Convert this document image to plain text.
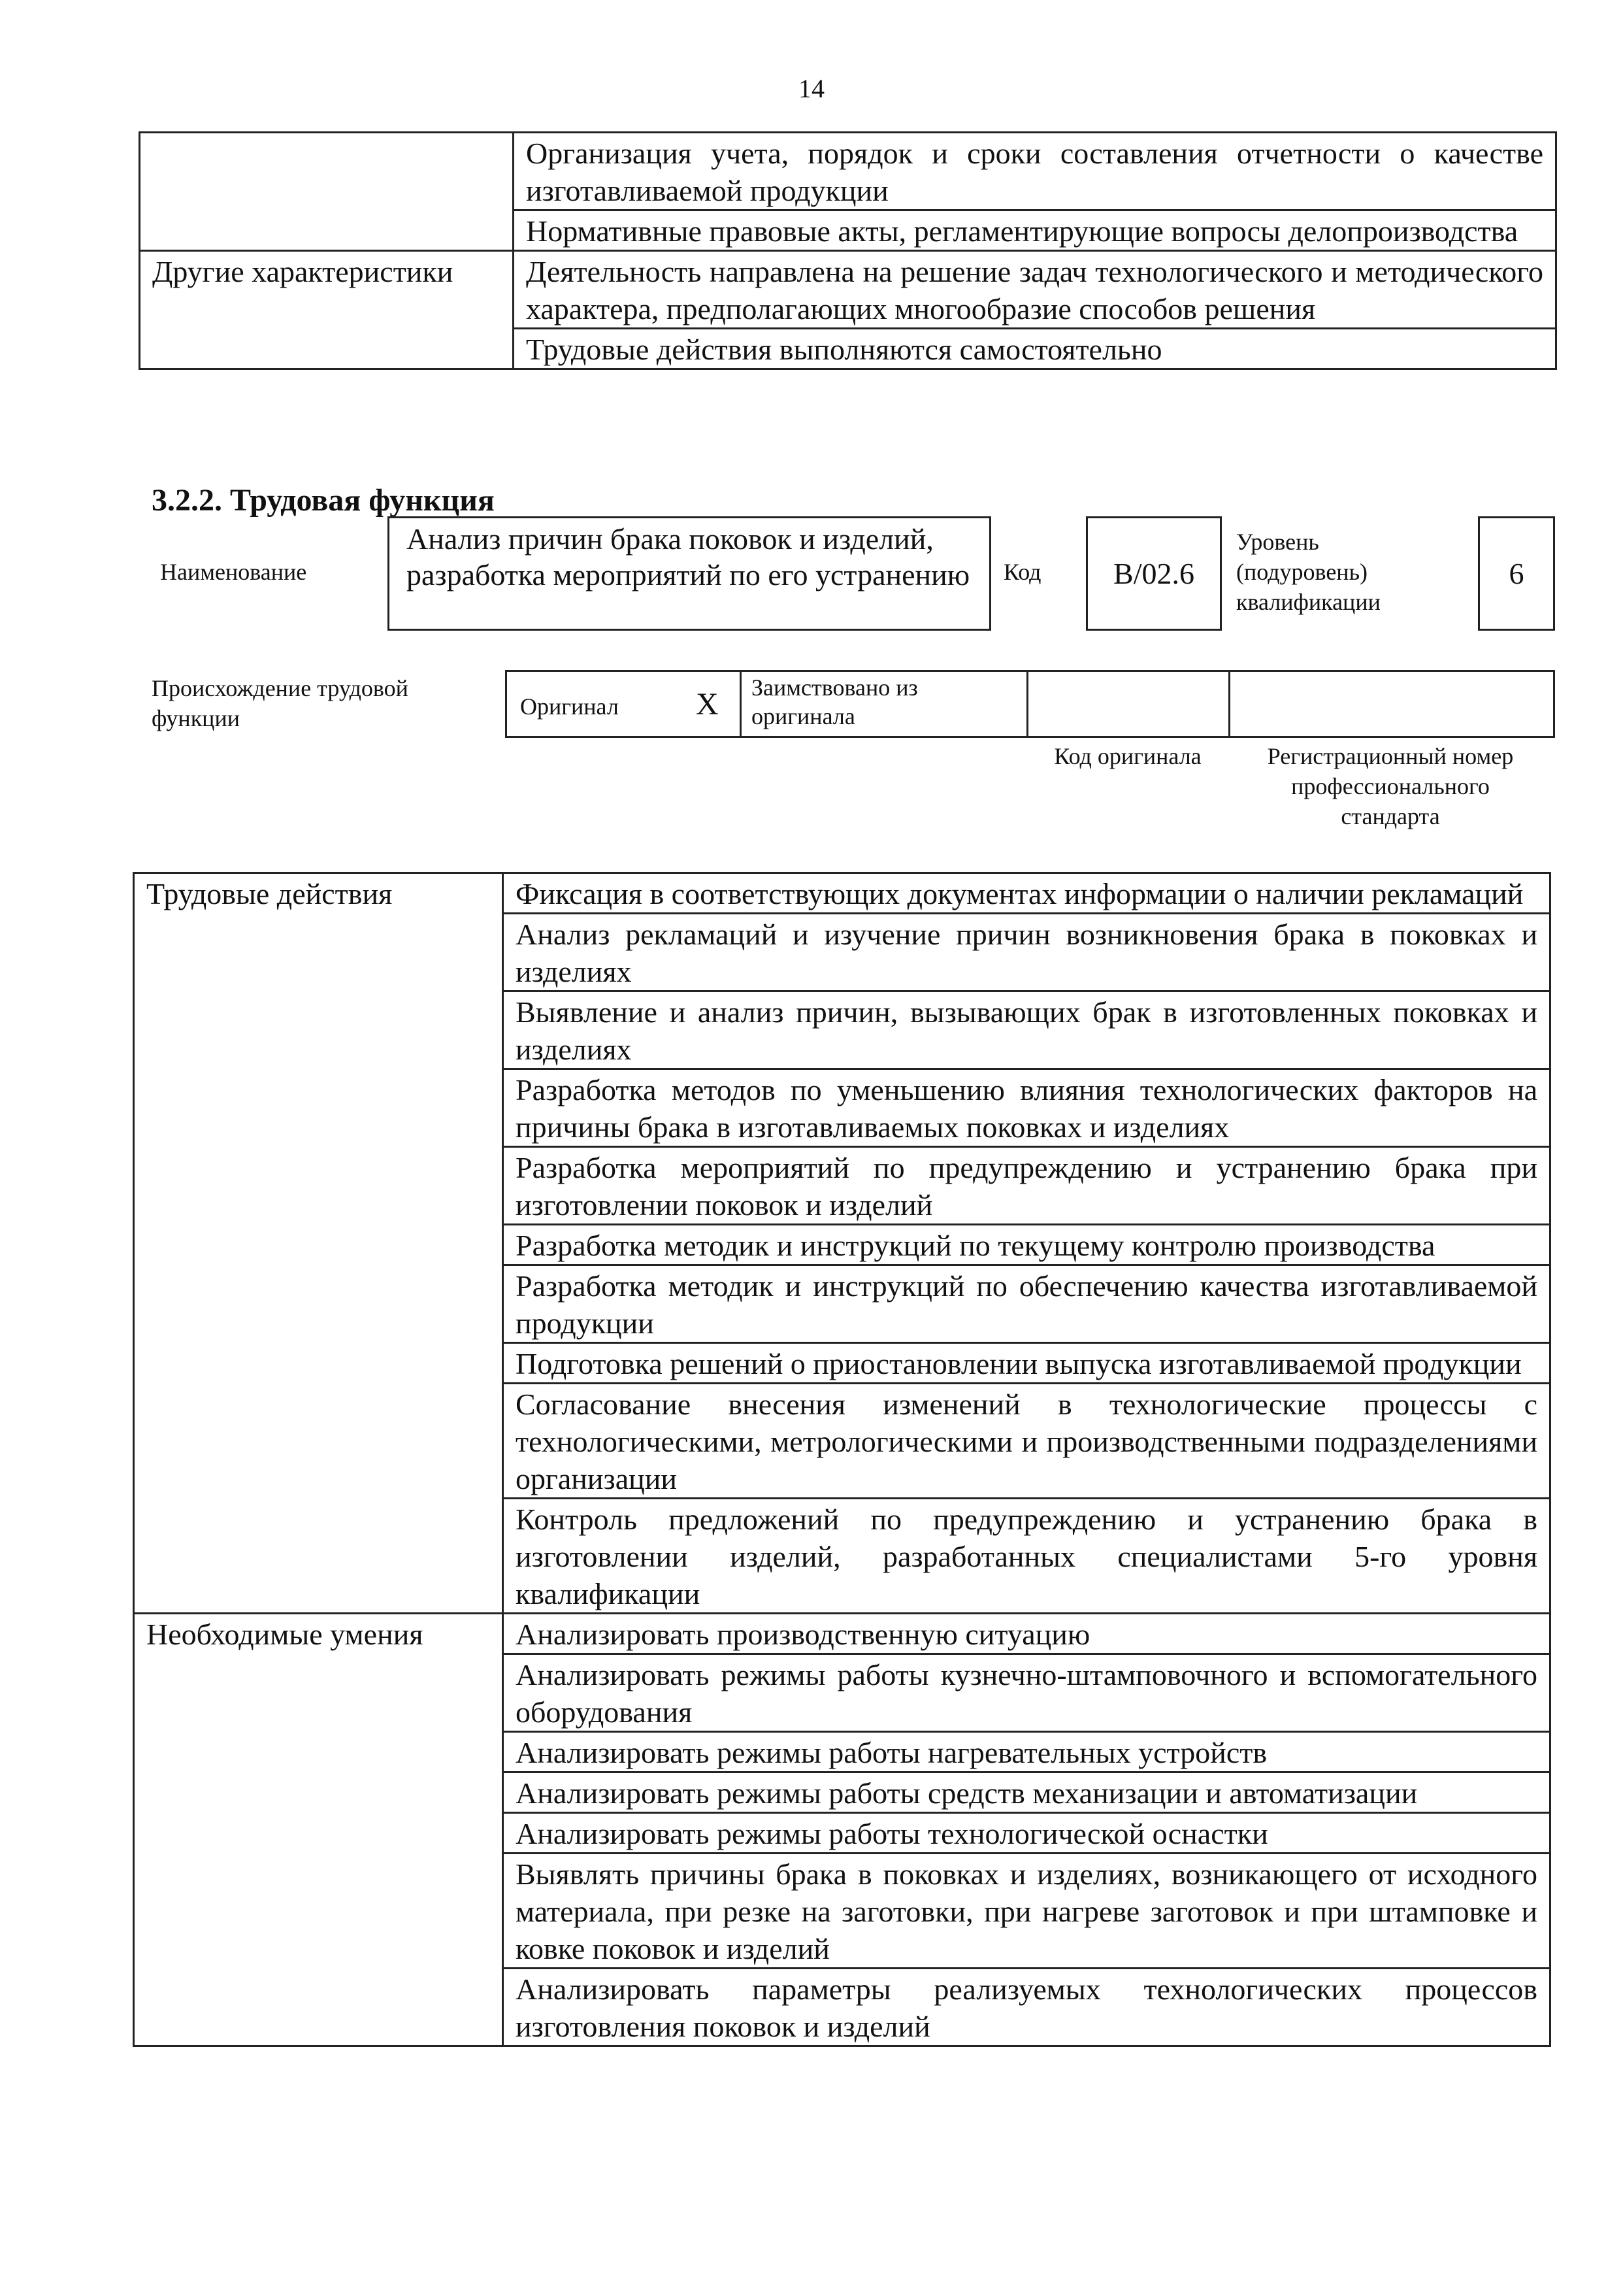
14
	Организация учета, порядок и сроки составления отчетности о качестве изготавливаемой продукции
	Нормативные правовые акты, регламентирующие вопросы делопроизводства
Другие характеристики	Деятельность направлена на решение задач технологического и методического характера, предполагающих многообразие способов решения
	Трудовые действия выполняются самостоятельно
3.2.2. Трудовая функция
Наименование
Анализ причин брака поковок и изделий, разработка мероприятий по его устранению	Код	B/02.6
Уровень (подуровень) квалификации
6
Происхождение трудовой функции	Оригинал X Заимствовано из оригинала
Код оригинала	Регистрационный номер профессионального стандарта
Трудовые действия	Фиксация в соответствующих документах информации о наличии рекламаций
	Анализ рекламаций и изучение причин возникновения брака в поковках и изделиях
	Выявление и анализ причин, вызывающих брак в изготовленных поковках и изделиях
	Разработка методов по уменьшению влияния технологических факторов на причины брака в изготавливаемых поковках и изделиях
	Разработка мероприятий по предупреждению и устранению брака при изготовлении поковок и изделий
	Разработка методик и инструкций по текущему контролю производства
	Разработка методик и инструкций по обеспечению качества изготавливаемой продукции
	Подготовка решений о приостановлении выпуска изготавливаемой продукции
	Согласование внесения изменений в технологические процессы с технологическими, метрологическими и производственными подразделениями организации
	Контроль предложений по предупреждению и устранению брака в изготовлении изделий, разработанных специалистами 5-го уровня квалификации
Необходимые умения	Анализировать производственную ситуацию
	Анализировать режимы работы кузнечно-штамповочного и вспомогательного оборудования
	Анализировать режимы работы нагревательных устройств
	Анализировать режимы работы средств механизации и автоматизации
	Анализировать режимы работы технологической оснастки
	Выявлять причины брака в поковках и изделиях, возникающего от исходного материала, при резке на заготовки, при нагреве заготовок и при штамповке и ковке поковок и изделий
	Анализировать параметры реализуемых технологических процессов изготовления поковок и изделий
